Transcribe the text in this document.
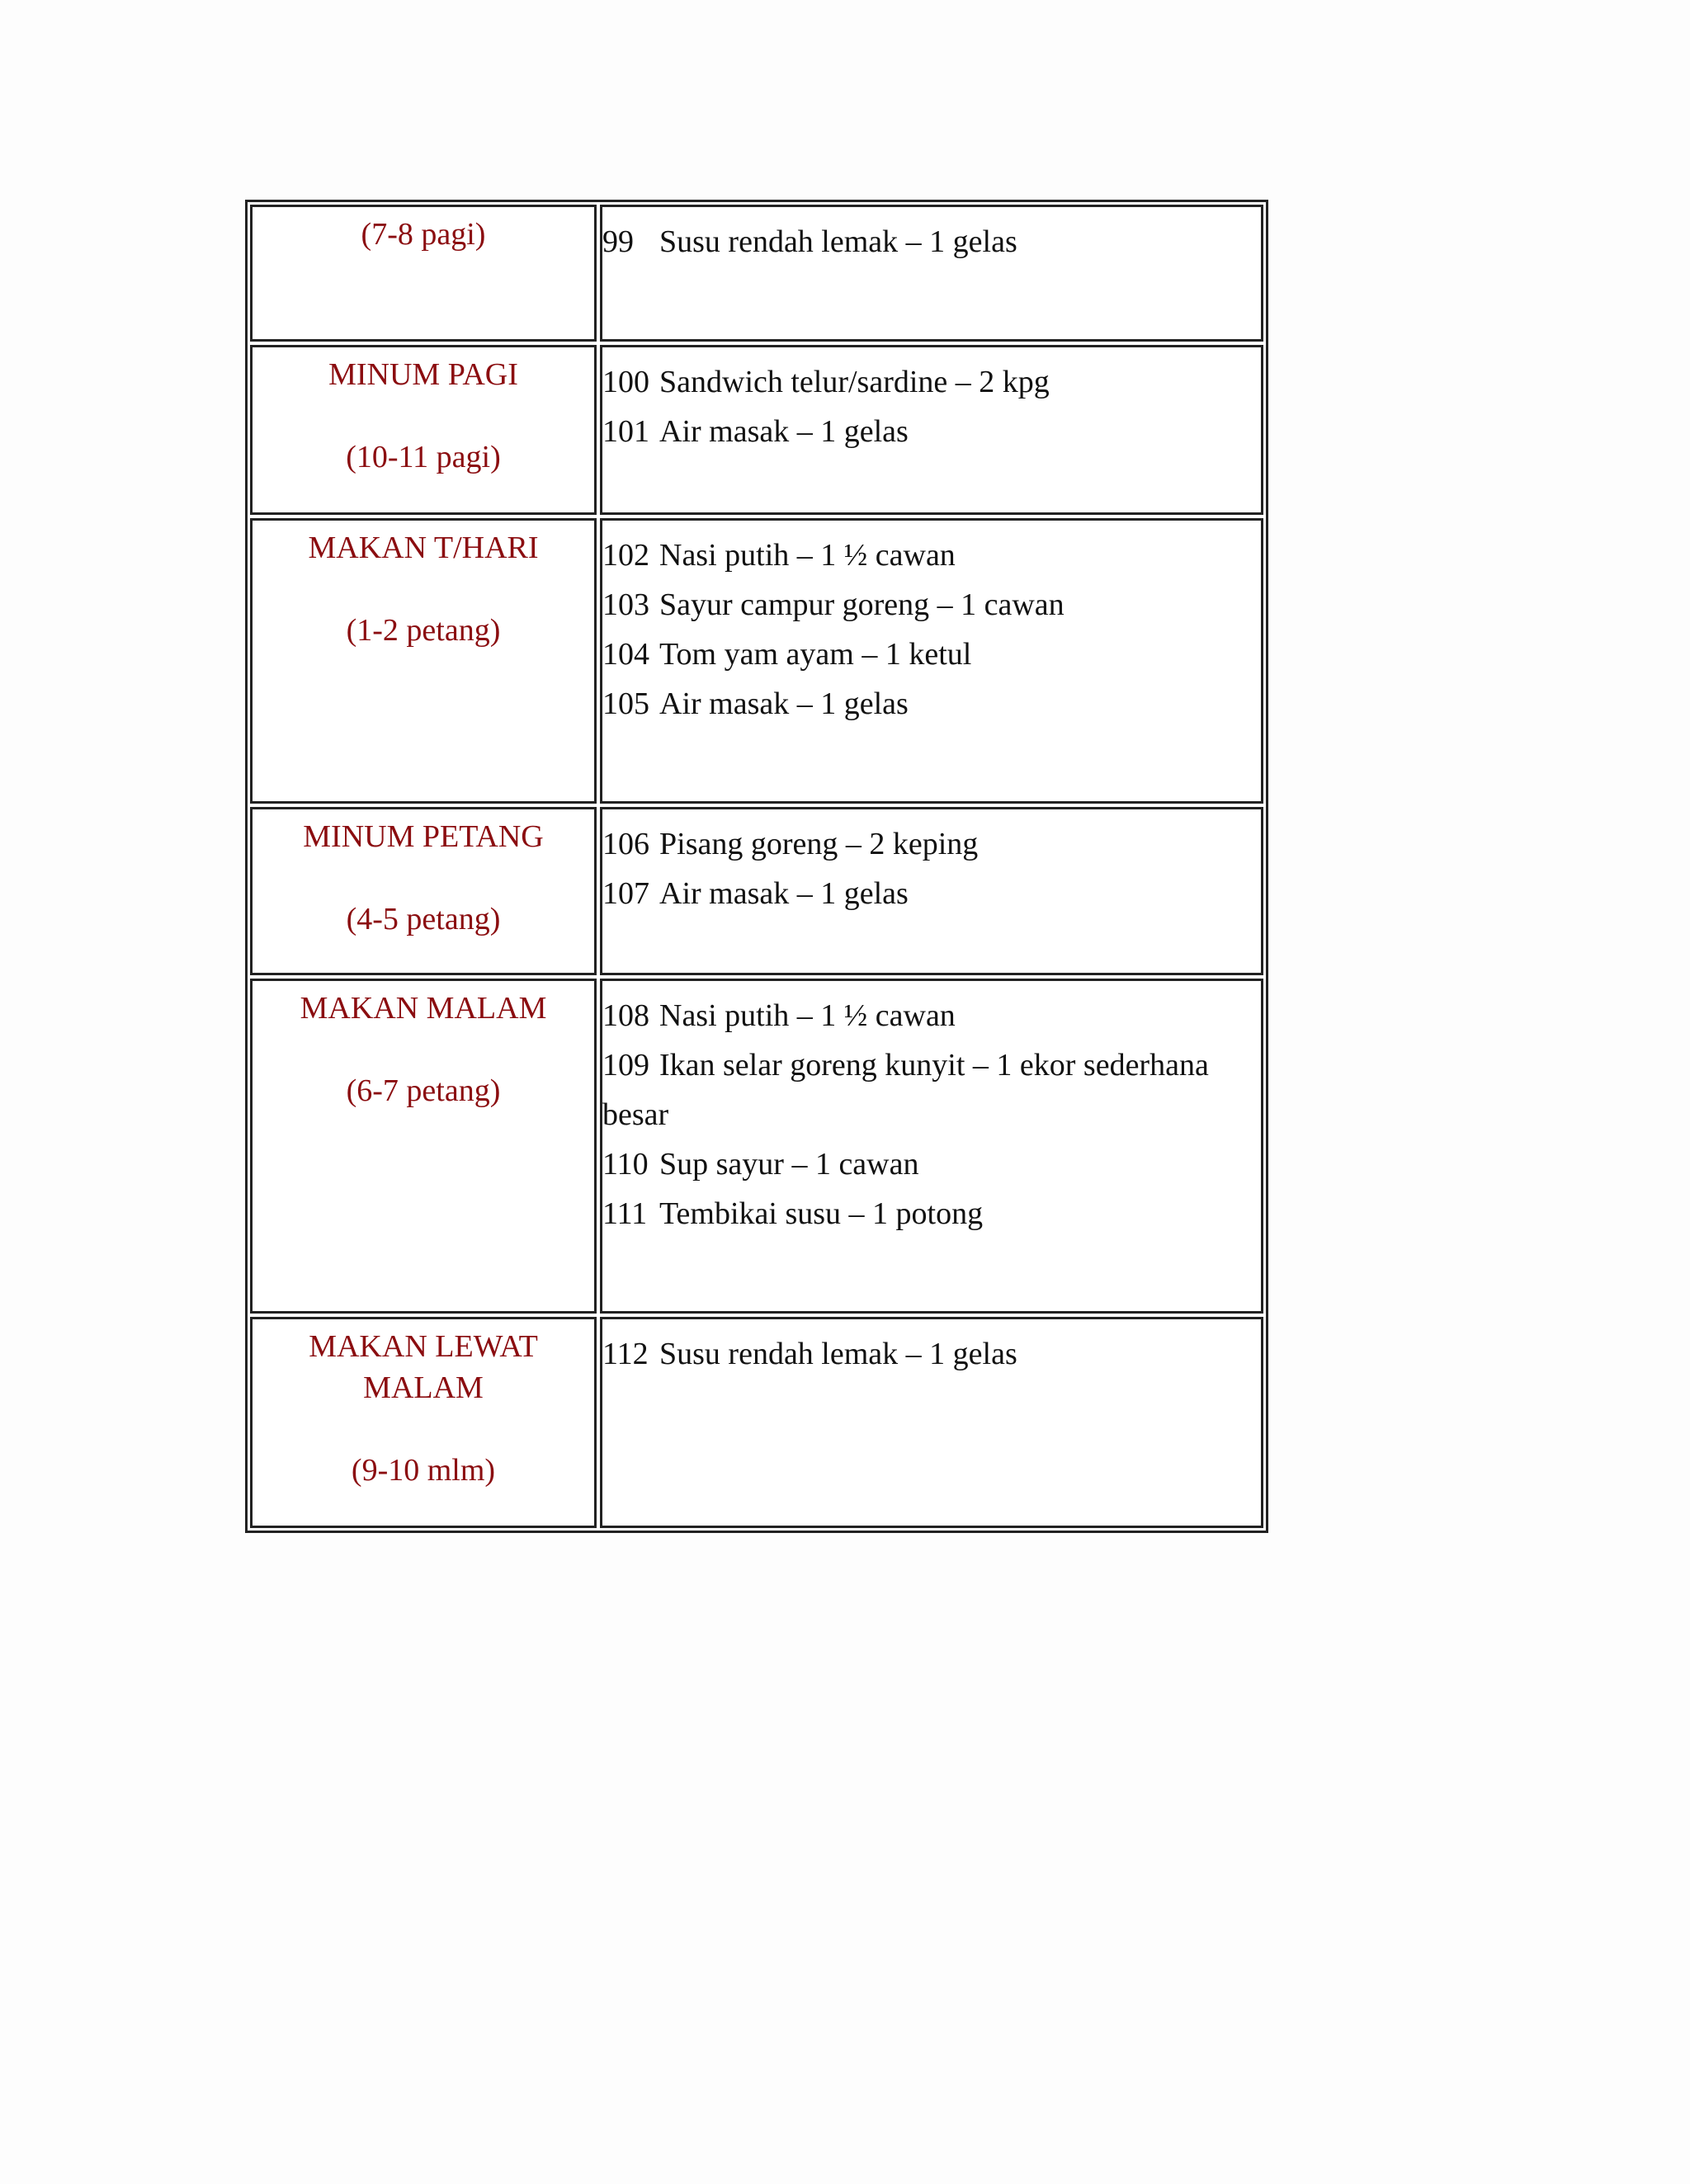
(7-8 pagi)	99 Susu rendah lemak – 1 gelas
MINUM PAGI
(10-11 pagi)
100 Sandwich telur/sardine – 2 kpg
101 Air masak – 1 gelas
MAKAN T/HARI
(1-2 petang)
102 Nasi putih – 1 ½ cawan
103 Sayur campur goreng – 1 cawan
104 Tom yam ayam – 1 ketul
105 Air masak – 1 gelas
MINUM PETANG
(4-5 petang)
106 Pisang goreng – 2 keping
107 Air masak – 1 gelas
MAKAN MALAM
(6-7 petang)
108 Nasi putih – 1 ½ cawan
109 Ikan selar goreng kunyit – 1 ekor sederhana besar
110 Sup sayur – 1 cawan
111 Tembikai susu – 1 potong
MAKAN LEWAT MALAM
(9-10 mlm)
112 Susu rendah lemak – 1 gelas
